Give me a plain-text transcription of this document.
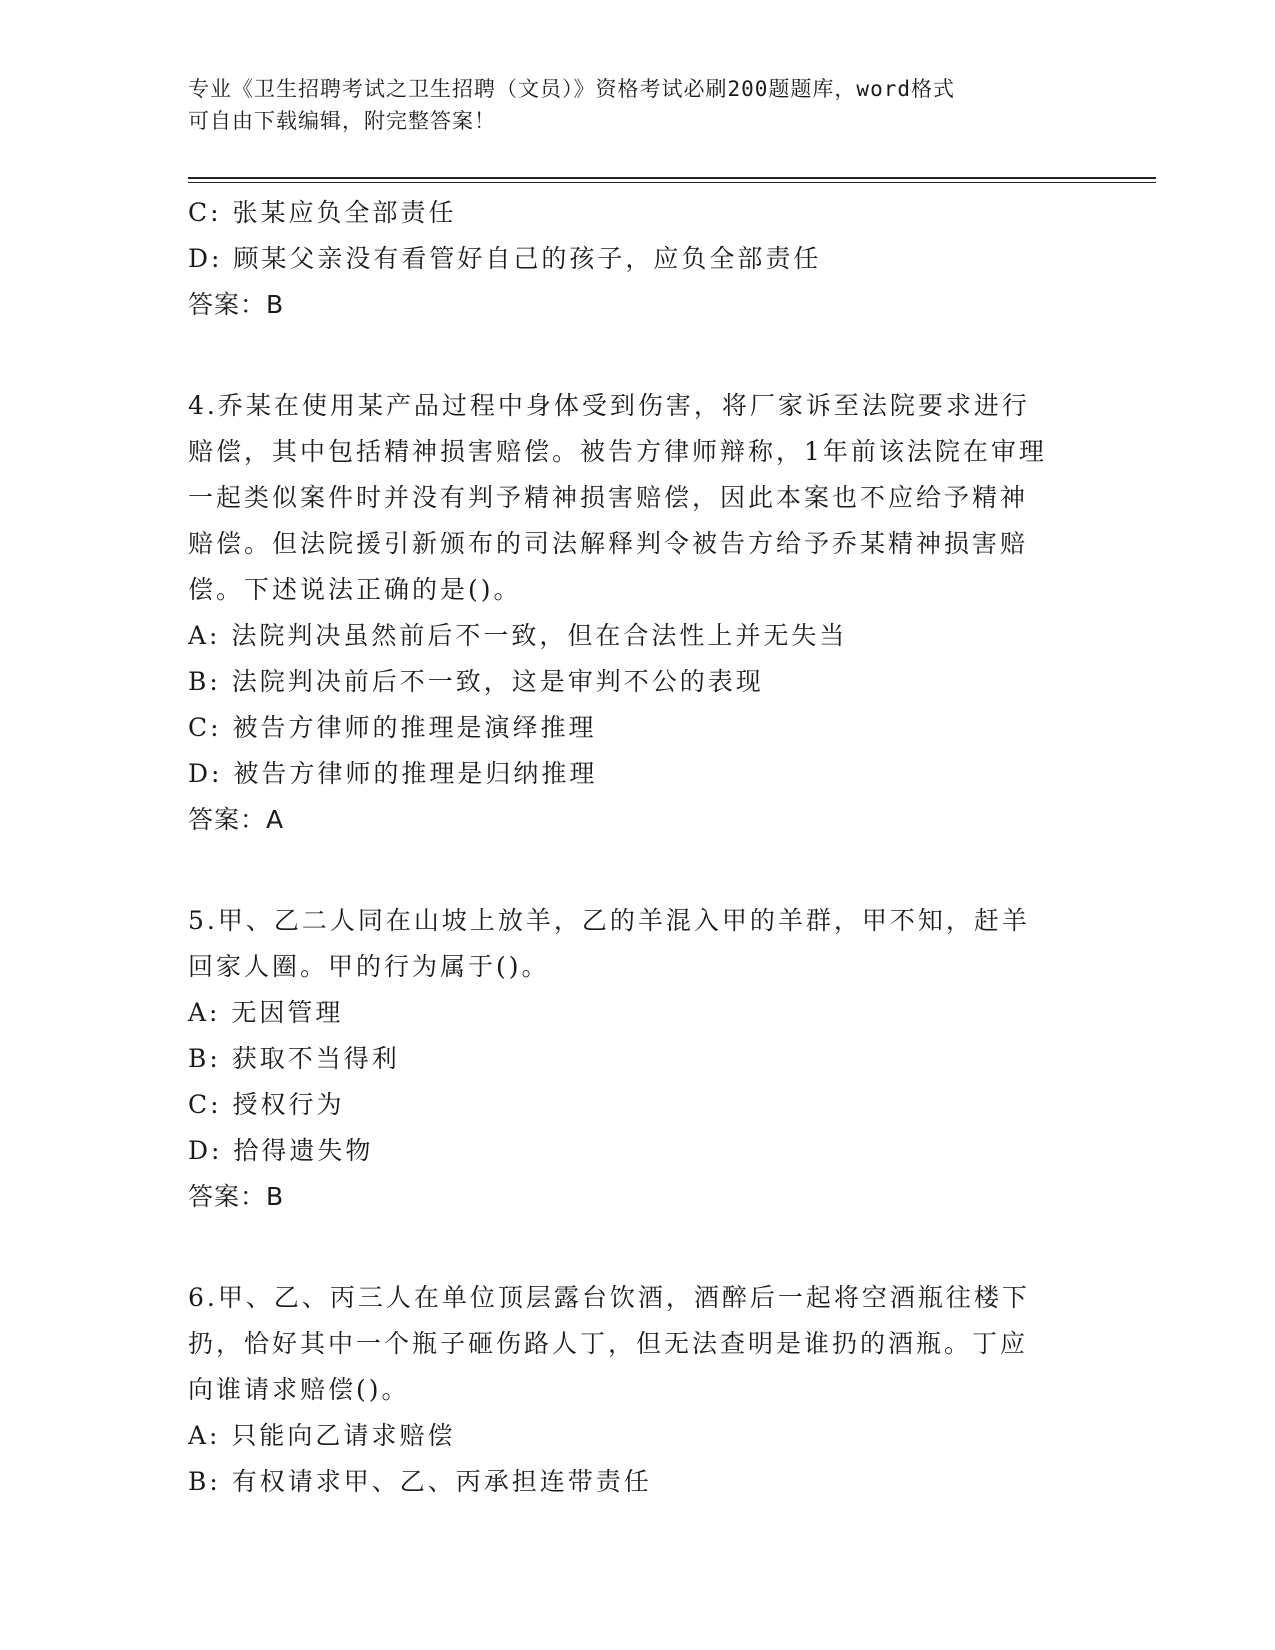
专业《卫生招聘考试之卫生招聘（文员）》资格考试必刷200题题库，word格式
可自由下载编辑，附完整答案！
C: 张某应负全部责任
D: 顾某父亲没有看管好自己的孩子，应负全部责任
答案：B
4.乔某在使用某产品过程中身体受到伤害，将厂家诉至法院要求进行
赔偿，其中包括精神损害赔偿。被告方律师辩称，1年前该法院在审理
一起类似案件时并没有判予精神损害赔偿，因此本案也不应给予精神
赔偿。但法院援引新颁布的司法解释判令被告方给予乔某精神损害赔
偿。下述说法正确的是()。
A: 法院判决虽然前后不一致，但在合法性上并无失当
B: 法院判决前后不一致，这是审判不公的表现
C: 被告方律师的推理是演绎推理
D: 被告方律师的推理是归纳推理
答案：A
5.甲、乙二人同在山坡上放羊，乙的羊混入甲的羊群，甲不知，赶羊
回家人圈。甲的行为属于()。
A: 无因管理
B: 获取不当得利
C: 授权行为
D: 拾得遗失物
答案：B
6.甲、乙、丙三人在单位顶层露台饮酒，酒醉后一起将空酒瓶往楼下
扔，恰好其中一个瓶子砸伤路人丁，但无法查明是谁扔的酒瓶。丁应
向谁请求赔偿()。
A: 只能向乙请求赔偿
B: 有权请求甲、乙、丙承担连带责任
